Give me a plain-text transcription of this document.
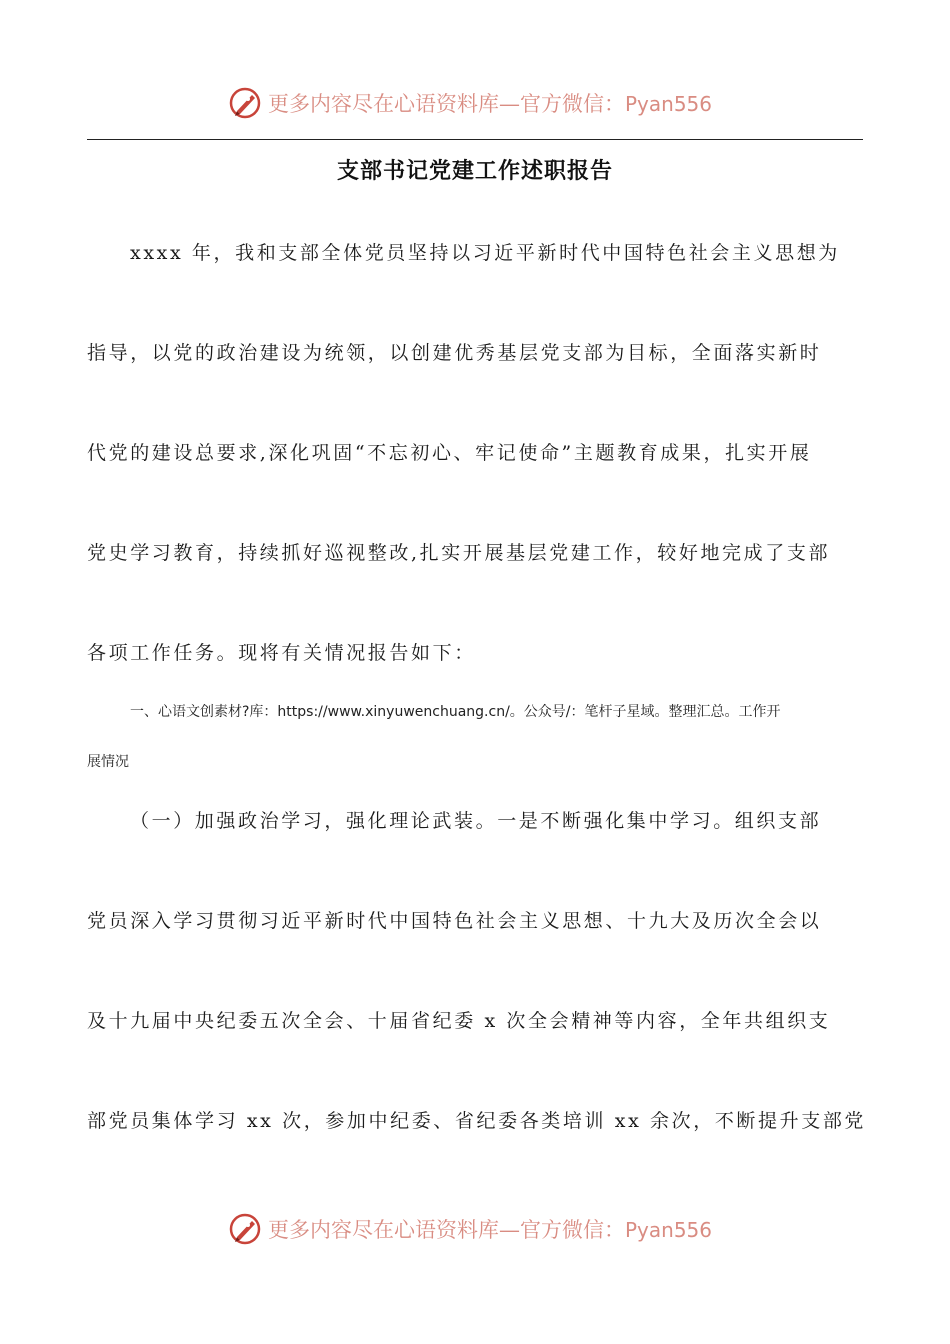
更多内容尽在心语资料库—官方微信：Pyan556
支部书记党建工作述职报告
xxxx 年，我和支部全体党员坚持以习近平新时代中国特色社会主义思想为
指导，以党的政治建设为统领，以创建优秀基层党支部为目标，全面落实新时
代党的建设总要求,深化巩固“不忘初心、牢记使命”主题教育成果，扎实开展
党史学习教育，持续抓好巡视整改,扎实开展基层党建工作，较好地完成了支部
各项工作任务。现将有关情况报告如下：
一、心语文创素材?库：https://www.xinyuwenchuang.cn/。公众号/：笔杆子星域。整理汇总。工作开
展情况
（一）加强政治学习，强化理论武装。一是不断强化集中学习。组织支部
党员深入学习贯彻习近平新时代中国特色社会主义思想、十九大及历次全会以
及十九届中央纪委五次全会、十届省纪委 x 次全会精神等内容，全年共组织支
部党员集体学习 xx 次，参加中纪委、省纪委各类培训 xx 余次，不断提升支部党
更多内容尽在心语资料库—官方微信：Pyan556
